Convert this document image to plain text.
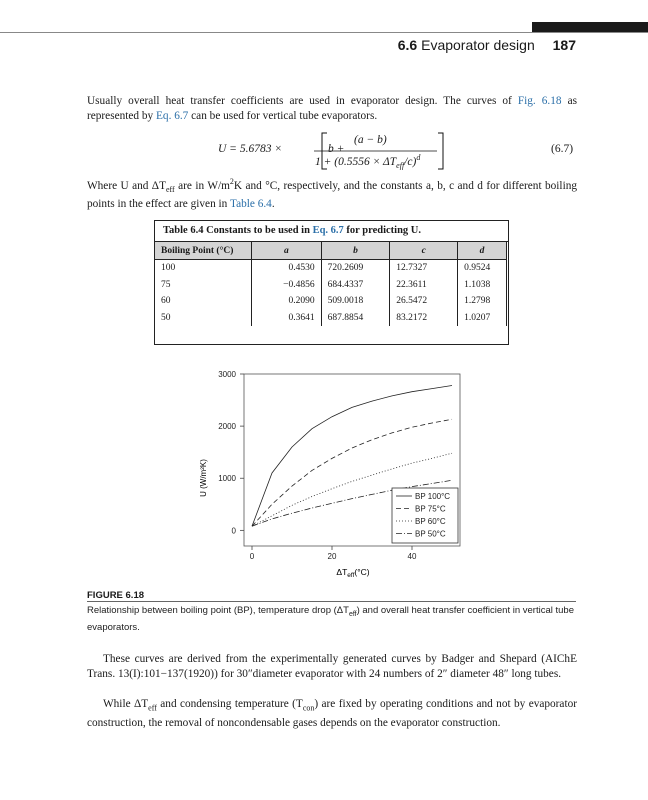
6.6 Evaporator design 187
Usually overall heat transfer coefficients are used in evaporator design. The curves of Fig. 6.18 as represented by Eq. 6.7 can be used for vertical tube evaporators.
U = 5.6783 ×	b +
(a − b)
$1 + (0.5556 \times \Delta T_{eff}/c)^d$
(6.7)
Where U and $\Delta T_{eff}$ are in $W/m^2K$ and °C, respectively, and the constants a, b, c and d for different boiling points in the effect are given in Table 6.4.
Table 6.4 Constants to be used in Eq. 6.7 for predicting U.
Boiling Point (°C)	a	b	c	d
100	0.4530	720.2609	12.7327	0.9524
75	−0.4856	684.4337	22.3611	1.1038
60	0.2090	509.0018	26.5472	1.2798
50	0.3641	687.8854	83.2172	1.0207
0
1000
2000
3000
0	20	40
BP 100°C
BP 75°C
BP 60°C
BP 50°C
U (W/m²K)
$\Delta T_{eff}(^\circ C)$
FIGURE 6.18
Relationship between boiling point (BP), temperature drop $(\Delta T_{eff})$ and overall heat transfer coefficient in vertical tube evaporators.
These curves are derived from the experimentally generated curves by Badger and Shepard (AIChE Trans. 13(I):101−137(1920)) for 30″diameter evaporator with 24 numbers of 2″ diameter 48″ long tubes.
While $\Delta T_{eff}$ and condensing temperature $(T_{con})$ are fixed by operating conditions and not by evaporator construction, the removal of noncondensable gases depends on the evaporator construction.
